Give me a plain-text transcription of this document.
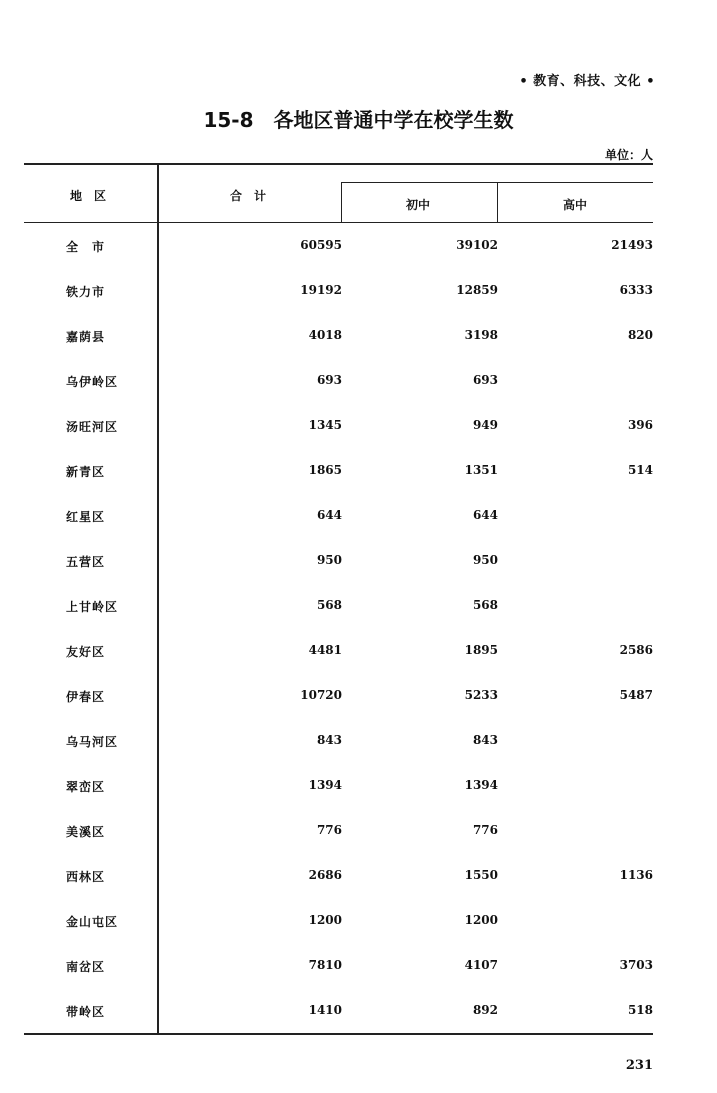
• 教育、科技、文化 •
15-8 各地区普通中学在校学生数
单位：人
地　区	合　计
初中	高中
全　市	60595	39102	21493
铁力市	19192	12859	6333
嘉荫县	4018	3198	820
乌伊岭区	693	693
汤旺河区	1345	949	396
新青区	1865	1351	514
红星区	644	644
五营区	950	950
上甘岭区	568	568
友好区	4481	1895	2586
伊春区	10720	5233	5487
乌马河区	843	843
翠峦区	1394	1394
美溪区	776	776
西林区	2686	1550	1136
金山屯区	1200	1200
南岔区	7810	4107	3703
带岭区	1410	892	518
231
